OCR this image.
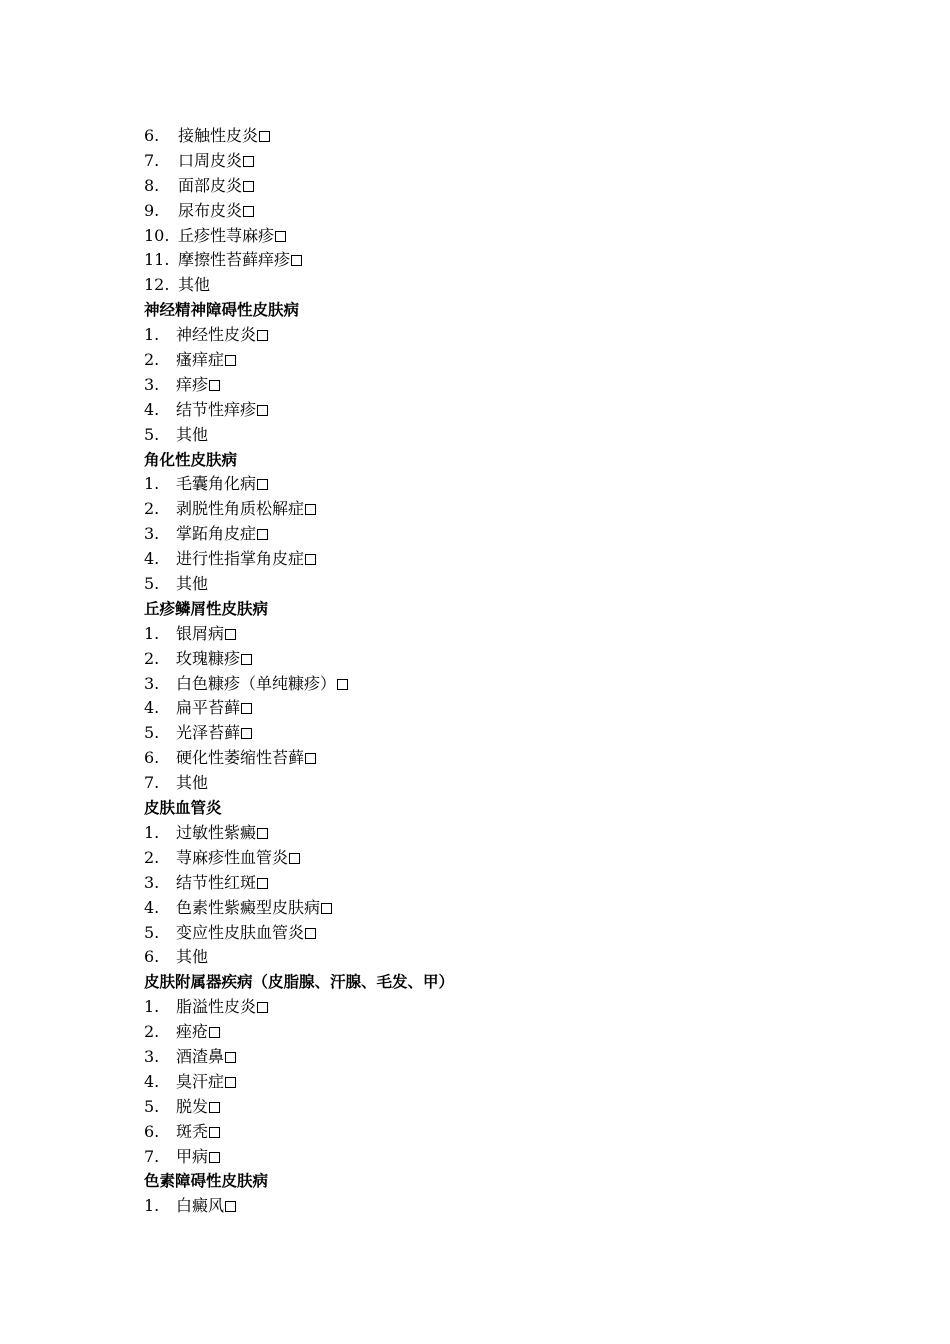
6. 接触性皮炎
7. 口周皮炎
8. 面部皮炎
9. 尿布皮炎
10. 丘疹性荨麻疹
11. 摩擦性苔藓痒疹
12. 其他
神经精神障碍性皮肤病
1. 神经性皮炎
2. 瘙痒症
3. 痒疹
4. 结节性痒疹
5. 其他
角化性皮肤病
1. 毛囊角化病
2. 剥脱性角质松解症
3. 掌跖角皮症
4. 进行性指掌角皮症
5. 其他
丘疹鳞屑性皮肤病
1. 银屑病
2. 玫瑰糠疹
3. 白色糠疹（单纯糠疹）
4. 扁平苔藓
5. 光泽苔藓
6. 硬化性萎缩性苔藓
7. 其他
皮肤血管炎
1. 过敏性紫癜
2. 荨麻疹性血管炎
3. 结节性红斑
4. 色素性紫癜型皮肤病
5. 变应性皮肤血管炎
6. 其他
皮肤附属器疾病（皮脂腺、汗腺、毛发、甲）
1. 脂溢性皮炎
2. 痤疮
3. 酒渣鼻
4. 臭汗症
5. 脱发
6. 斑秃
7. 甲病
色素障碍性皮肤病
1. 白癜风
